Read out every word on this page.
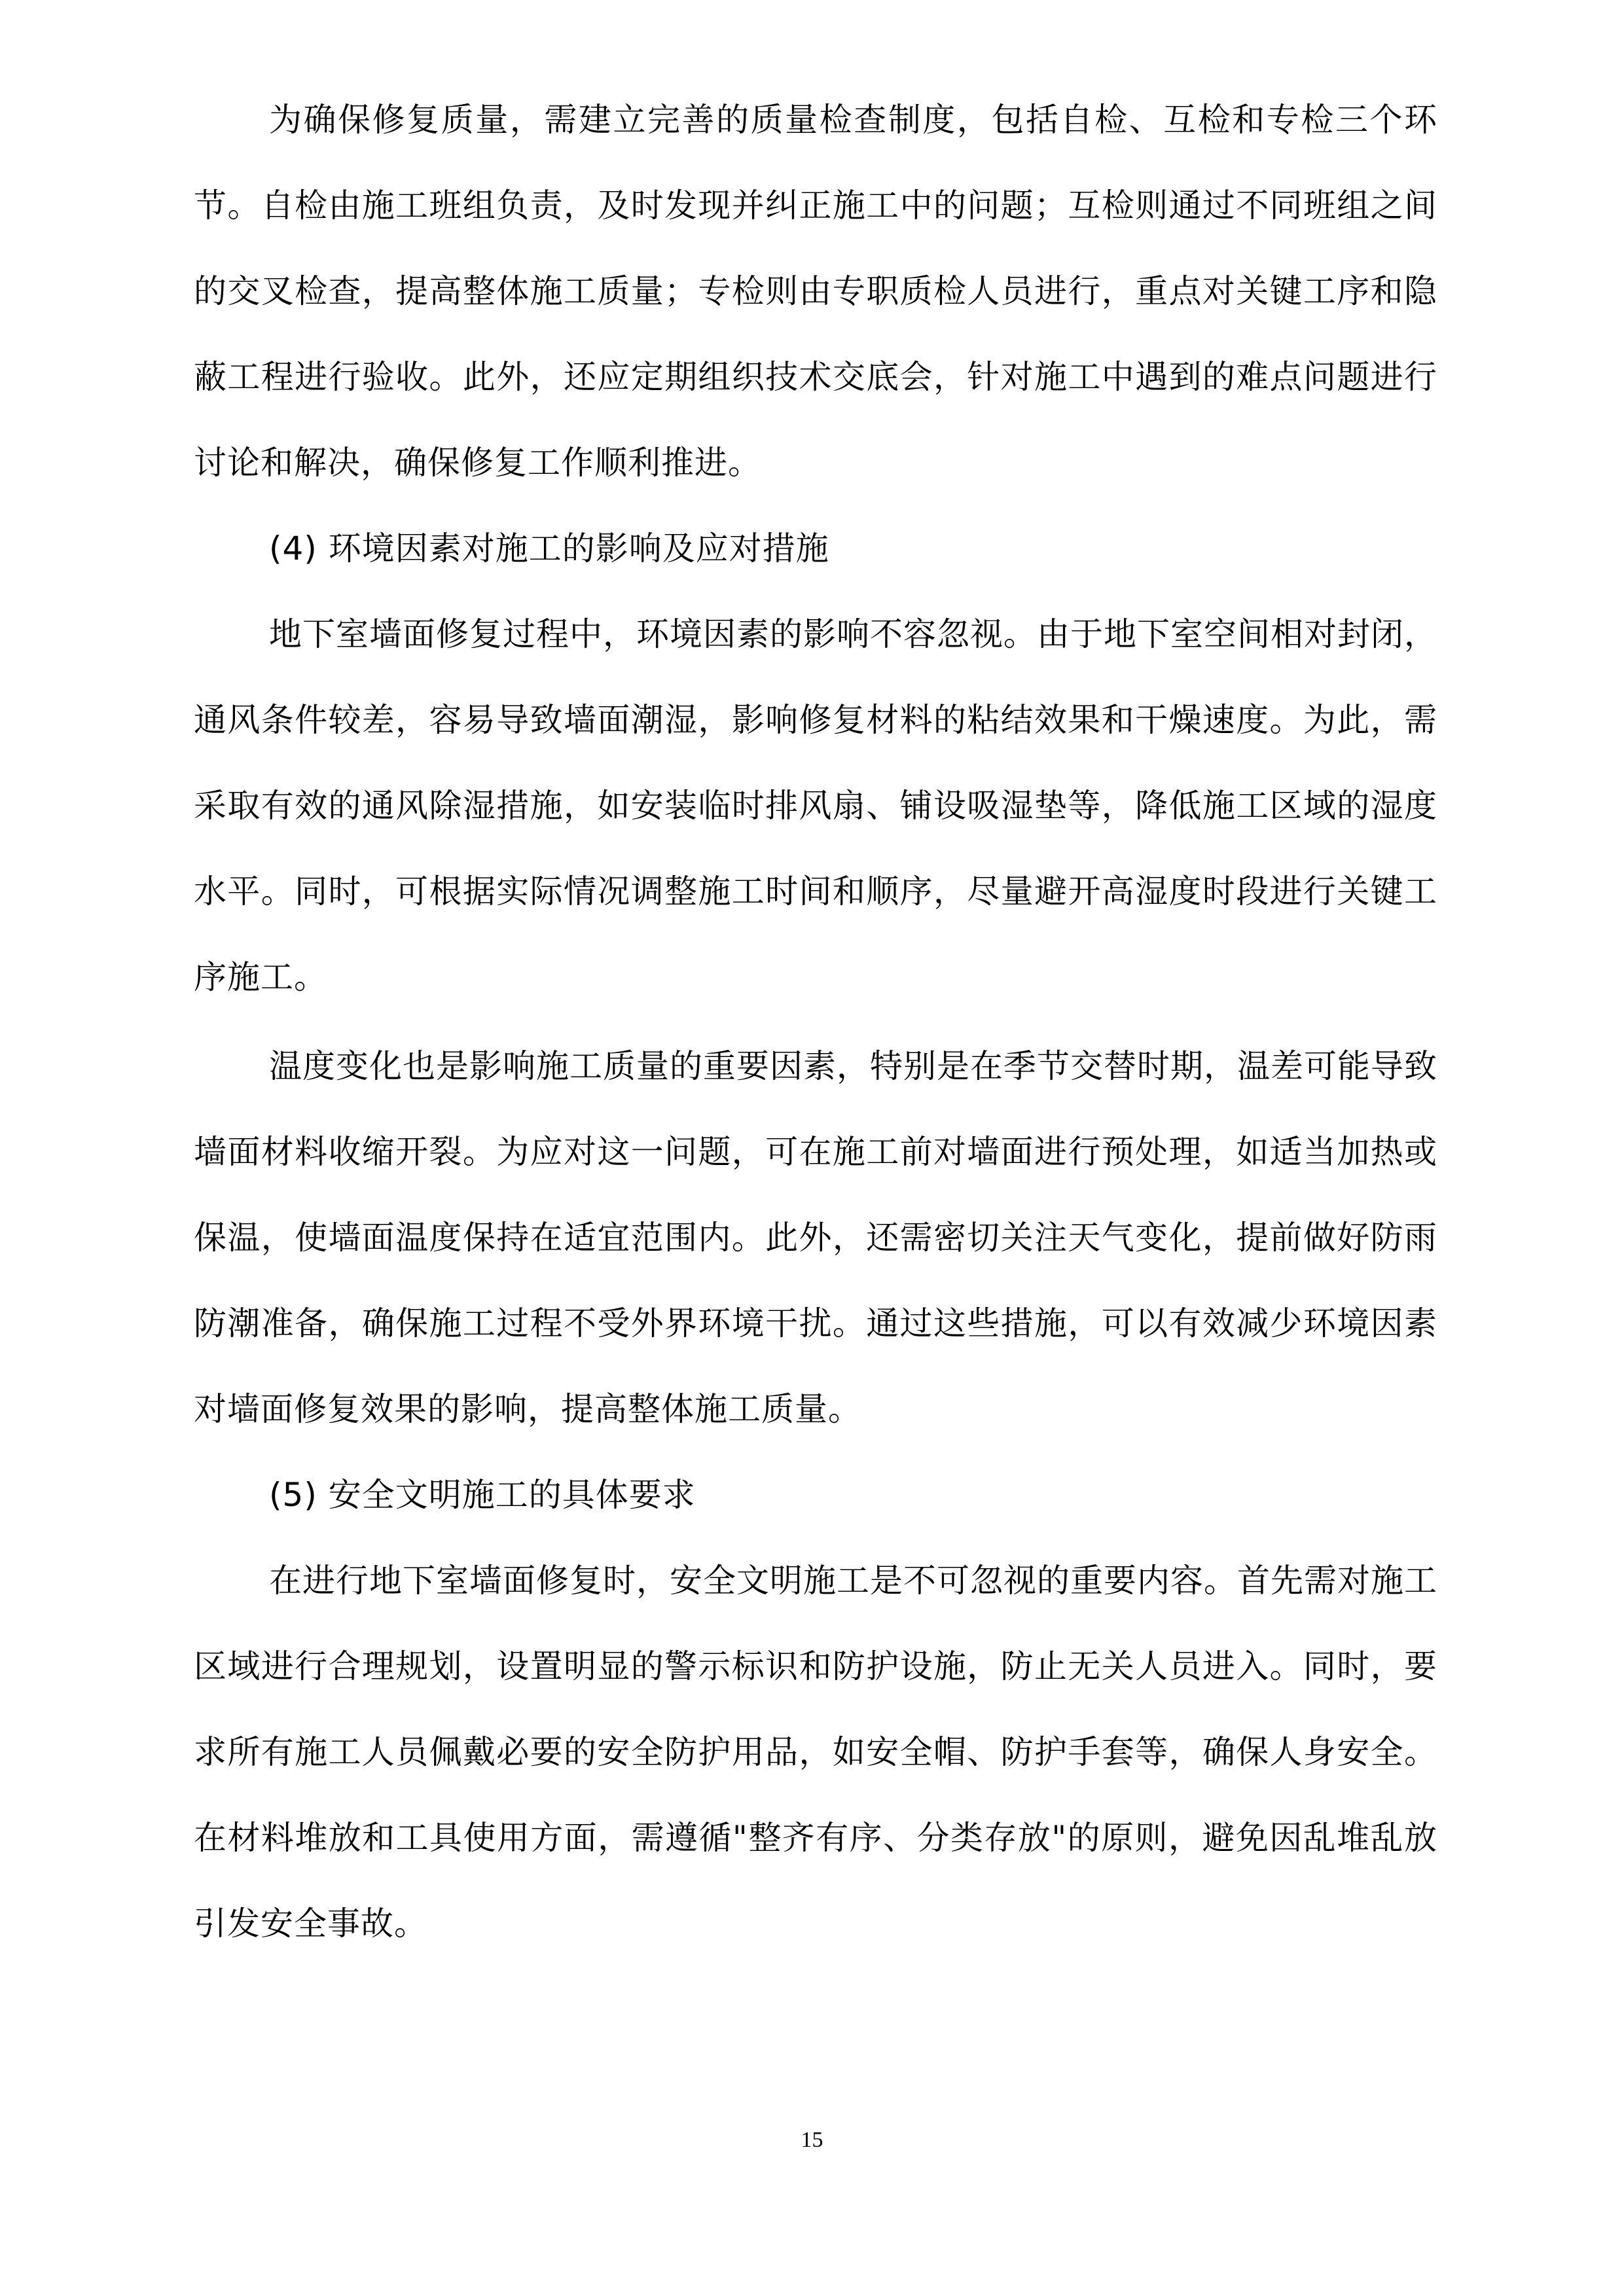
为确保修复质量，需建立完善的质量检查制度，包括自检、互检和专检三个环节。自检由施工班组负责，及时发现并纠正施工中的问题；互检则通过不同班组之间的交叉检查，提高整体施工质量；专检则由专职质检人员进行，重点对关键工序和隐蔽工程进行验收。此外，还应定期组织技术交底会，针对施工中遇到的难点问题进行讨论和解决，确保修复工作顺利推进。

(4) 环境因素对施工的影响及应对措施

地下室墙面修复过程中，环境因素的影响不容忽视。由于地下室空间相对封闭，通风条件较差，容易导致墙面潮湿，影响修复材料的粘结效果和干燥速度。为此，需采取有效的通风除湿措施，如安装临时排风扇、铺设吸湿垫等，降低施工区域的湿度水平。同时，可根据实际情况调整施工时间和顺序，尽量避开高湿度时段进行关键工序施工。

温度变化也是影响施工质量的重要因素，特别是在季节交替时期，温差可能导致墙面材料收缩开裂。为应对这一问题，可在施工前对墙面进行预处理，如适当加热或保温，使墙面温度保持在适宜范围内。此外，还需密切关注天气变化，提前做好防雨防潮准备，确保施工过程不受外界环境干扰。通过这些措施，可以有效减少环境因素对墙面修复效果的影响，提高整体施工质量。

(5) 安全文明施工的具体要求

在进行地下室墙面修复时，安全文明施工是不可忽视的重要内容。首先需对施工区域进行合理规划，设置明显的警示标识和防护设施，防止无关人员进入。同时，要求所有施工人员佩戴必要的安全防护用品，如安全帽、防护手套等，确保人身安全。在材料堆放和工具使用方面，需遵循"整齐有序、分类存放"的原则，避免因乱堆乱放引发安全事故。

15
